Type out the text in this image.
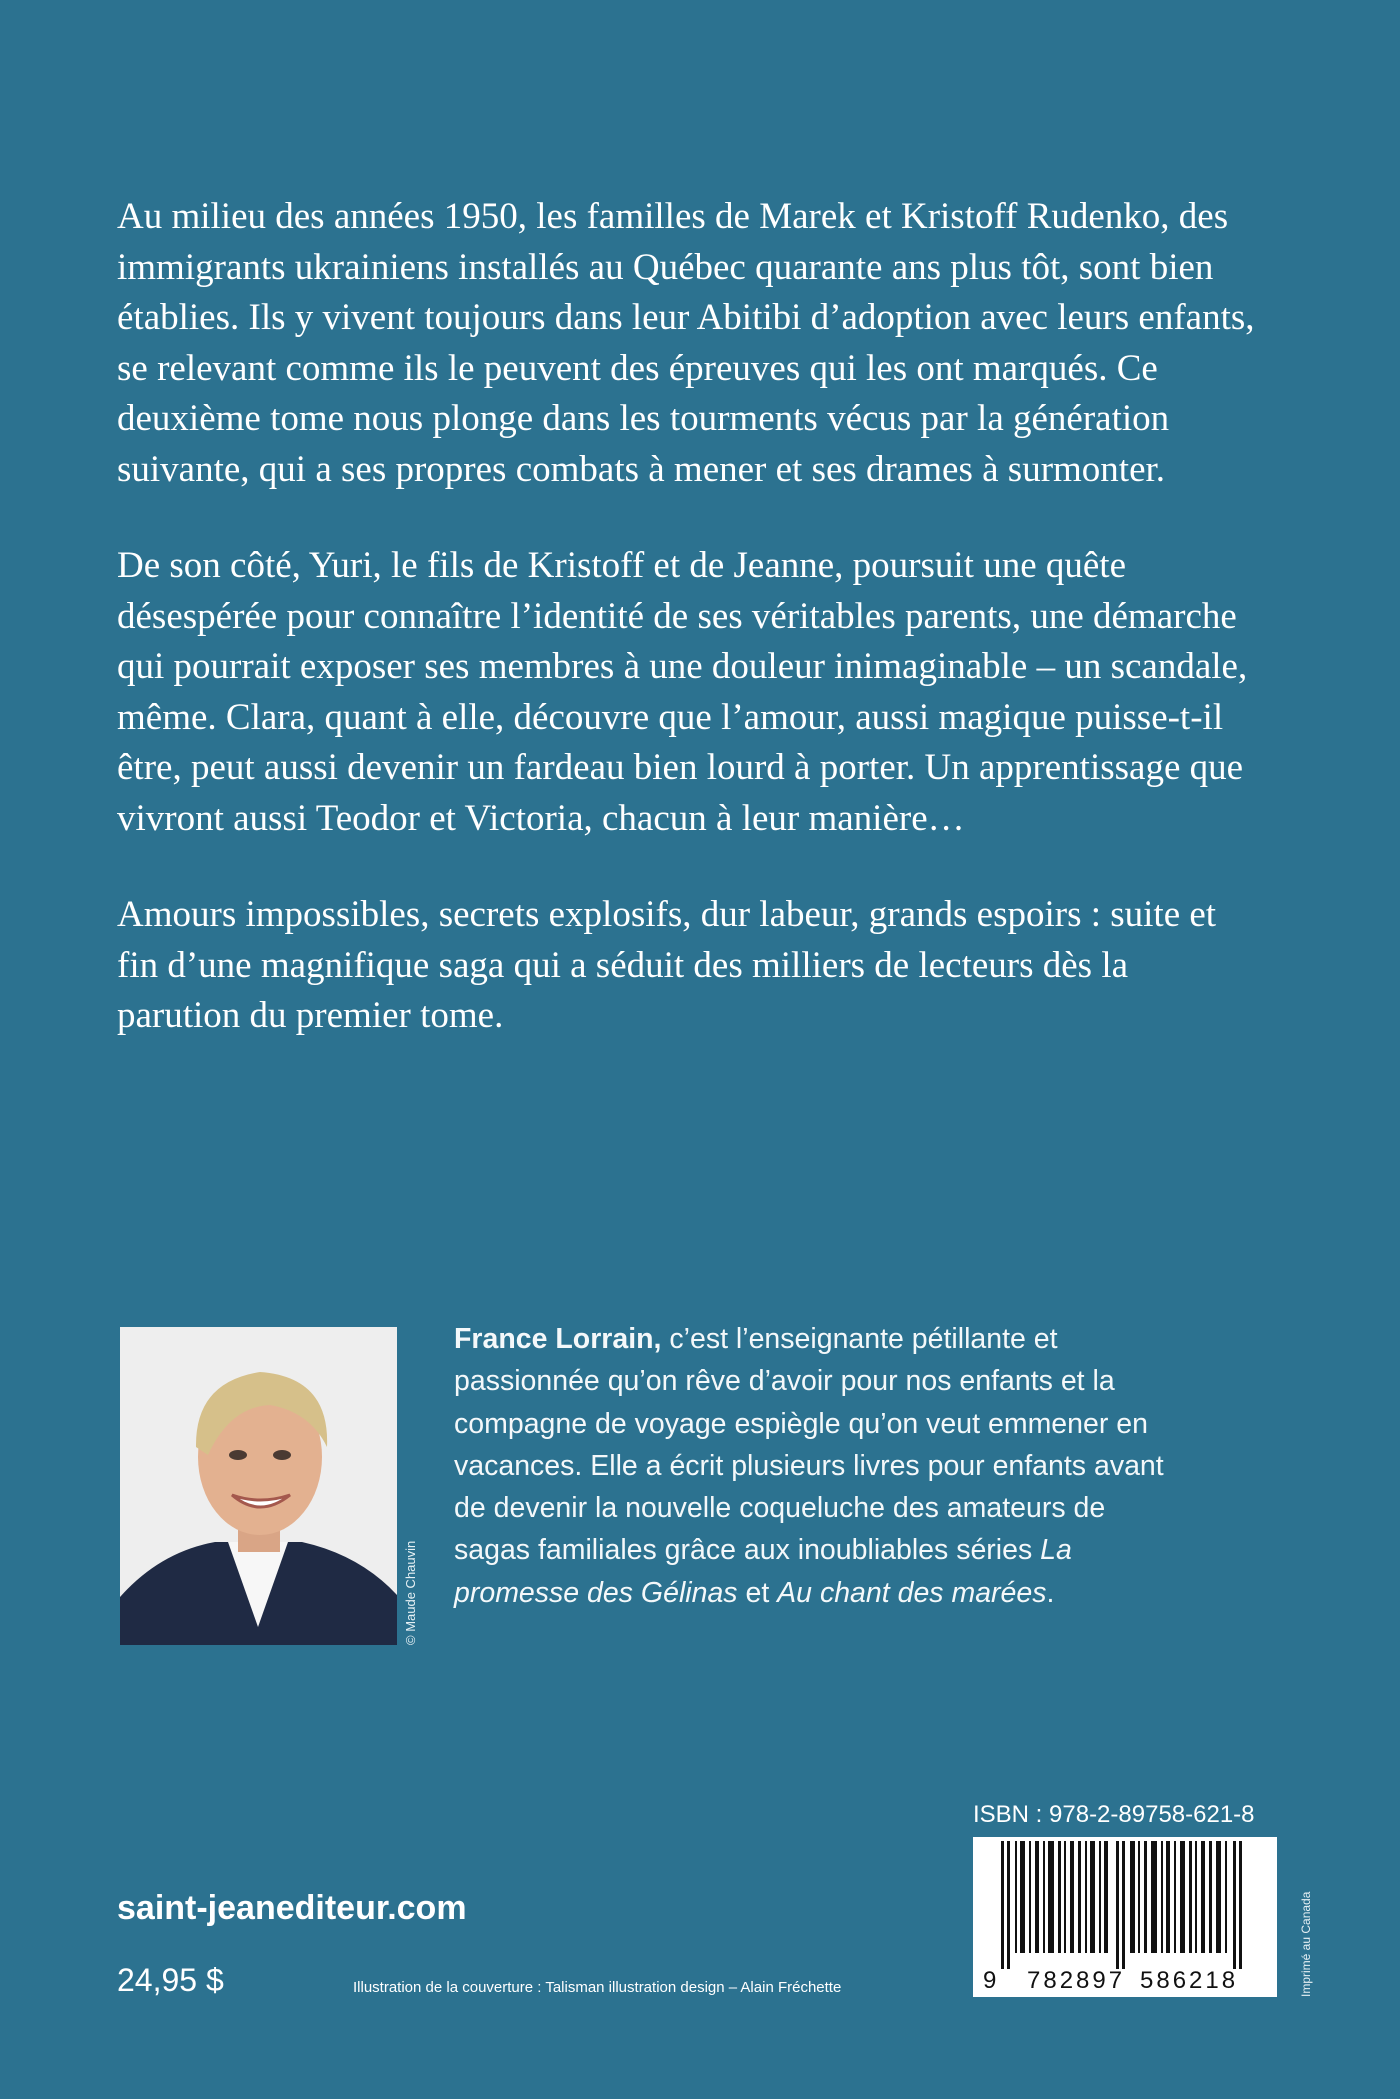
Au milieu des années 1950, les familles de Marek et Kristoff Rudenko, des immigrants ukrainiens installés au Québec quarante ans plus tôt, sont bien établies. Ils y vivent toujours dans leur Abitibi d’adoption avec leurs enfants, se relevant comme ils le peuvent des épreuves qui les ont marqués. Ce deuxième tome nous plonge dans les tourments vécus par la génération suivante, qui a ses propres combats à mener et ses drames à surmonter.

De son côté, Yuri, le fils de Kristoff et de Jeanne, poursuit une quête désespérée pour connaître l’identité de ses véritables parents, une démarche qui pourrait exposer ses membres à une douleur inimaginable – un scandale, même. Clara, quant à elle, découvre que l’amour, aussi magique puisse-t-il être, peut aussi devenir un fardeau bien lourd à porter. Un apprentissage que vivront aussi Teodor et Victoria, chacun à leur manière…

Amours impossibles, secrets explosifs, dur labeur, grands espoirs : suite et fin d’une magnifique saga qui a séduit des milliers de lecteurs dès la parution du premier tome.

© Maude Chauvin
France Lorrain, c’est l’enseignante pétillante et passionnée qu’on rêve d’avoir pour nos enfants et la compagne de voyage espiègle qu’on veut emmener en vacances. Elle a écrit plusieurs livres pour enfants avant de devenir la nouvelle coqueluche des amateurs de sagas familiales grâce aux inoubliables séries La promesse des Gélinas et Au chant des marées.
saint-jeanediteur.com
24,95 $	Illustration de la couverture : Talisman illustration design – Alain Fréchette
ISBN : 978-2-89758-621-8
9 782897 586218	Imprimé au Canada
